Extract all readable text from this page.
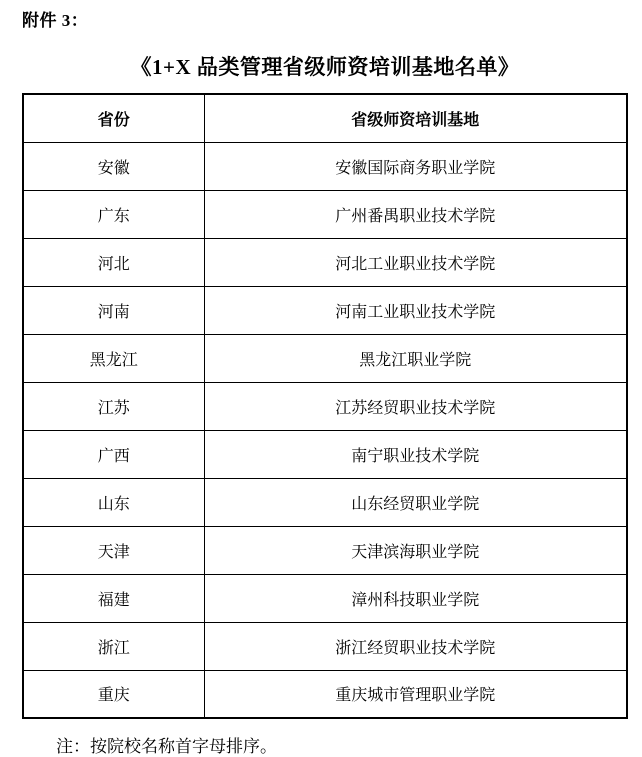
附件 3：
《1+X 品类管理省级师资培训基地名单》
省份	省级师资培训基地
安徽	安徽国际商务职业学院
广东	广州番禺职业技术学院
河北	河北工业职业技术学院
河南	河南工业职业技术学院
黑龙江	黑龙江职业学院
江苏	江苏经贸职业技术学院
广西	南宁职业技术学院
山东	山东经贸职业学院
天津	天津滨海职业学院
福建	漳州科技职业学院
浙江	浙江经贸职业技术学院
重庆	重庆城市管理职业学院
注：按院校名称首字母排序。
